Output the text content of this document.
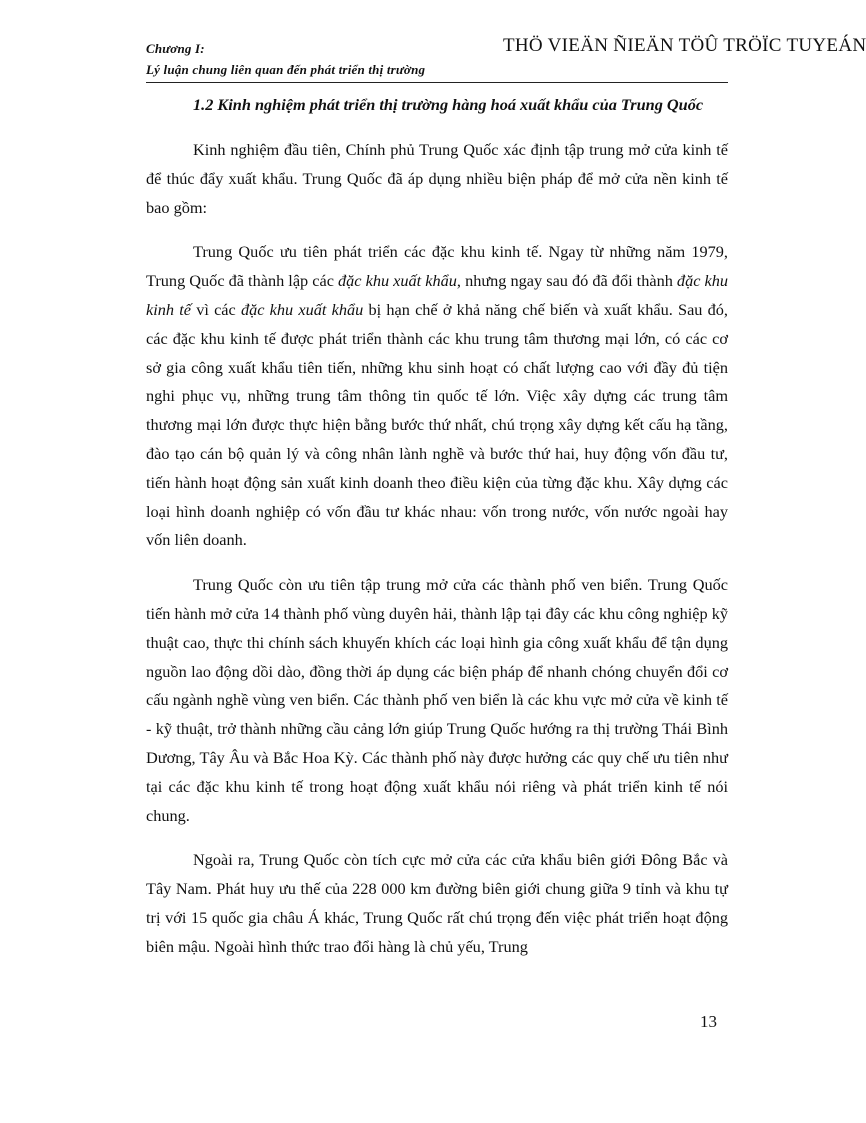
Chương I:
Lý luận chung liên quan đến phát triển thị trường
THÖ VIEÄN ÑIEÄN TÖÛ TRÖÏC TUYEÁN

1.2 Kinh nghiệm phát triển thị trường hàng hoá xuất khẩu của Trung Quốc

Kinh nghiệm đầu tiên, Chính phủ Trung Quốc xác định tập trung mở cửa kinh tế để thúc đẩy xuất khẩu. Trung Quốc đã áp dụng nhiều biện pháp để mở cửa nền kinh tế bao gồm:

Trung Quốc ưu tiên phát triển các đặc khu kinh tế. Ngay từ những năm 1979, Trung Quốc đã thành lập các đặc khu xuất khẩu, nhưng ngay sau đó đã đổi thành đặc khu kinh tế vì các đặc khu xuất khẩu bị hạn chế ở khả năng chế biến và xuất khẩu. Sau đó, các đặc khu kinh tế được phát triển thành các khu trung tâm thương mại lớn, có các cơ sở gia công xuất khẩu tiên tiến, những khu sinh hoạt có chất lượng cao với đầy đủ tiện nghi phục vụ, những trung tâm thông tin quốc tế lớn. Việc xây dựng các trung tâm thương mại lớn được thực hiện bằng bước thứ nhất, chú trọng xây dựng kết cấu hạ tầng, đào tạo cán bộ quản lý và công nhân lành nghề và bước thứ hai, huy động vốn đầu tư, tiến hành hoạt động sản xuất kinh doanh theo điều kiện của từng đặc khu. Xây dựng các loại hình doanh nghiệp có vốn đầu tư khác nhau: vốn trong nước, vốn nước ngoài hay vốn liên doanh.

Trung Quốc còn ưu tiên tập trung mở cửa các thành phố ven biển. Trung Quốc tiến hành mở cửa 14 thành phố vùng duyên hải, thành lập tại đây các khu công nghiệp kỹ thuật cao, thực thi chính sách khuyến khích các loại hình gia công xuất khẩu để tận dụng nguồn lao động dồi dào, đồng thời áp dụng các biện pháp để nhanh chóng chuyển đổi cơ cấu ngành nghề vùng ven biển. Các thành phố ven biển là các khu vực mở cửa về kinh tế - kỹ thuật, trở thành những cầu cảng lớn giúp Trung Quốc hướng ra thị trường Thái Bình Dương, Tây Âu và Bắc Hoa Kỳ. Các thành phố này được hưởng các quy chế ưu tiên như tại các đặc khu kinh tế trong hoạt động xuất khẩu nói riêng và phát triển kinh tế nói chung.

Ngoài ra, Trung Quốc còn tích cực mở cửa các cửa khẩu biên giới Đông Bắc và Tây Nam. Phát huy ưu thế của 228 000 km đường biên giới chung giữa 9 tỉnh và khu tự trị với 15 quốc gia châu Á khác, Trung Quốc rất chú trọng đến việc phát triển hoạt động biên mậu. Ngoài hình thức trao đổi hàng là chủ yếu, Trung

13
